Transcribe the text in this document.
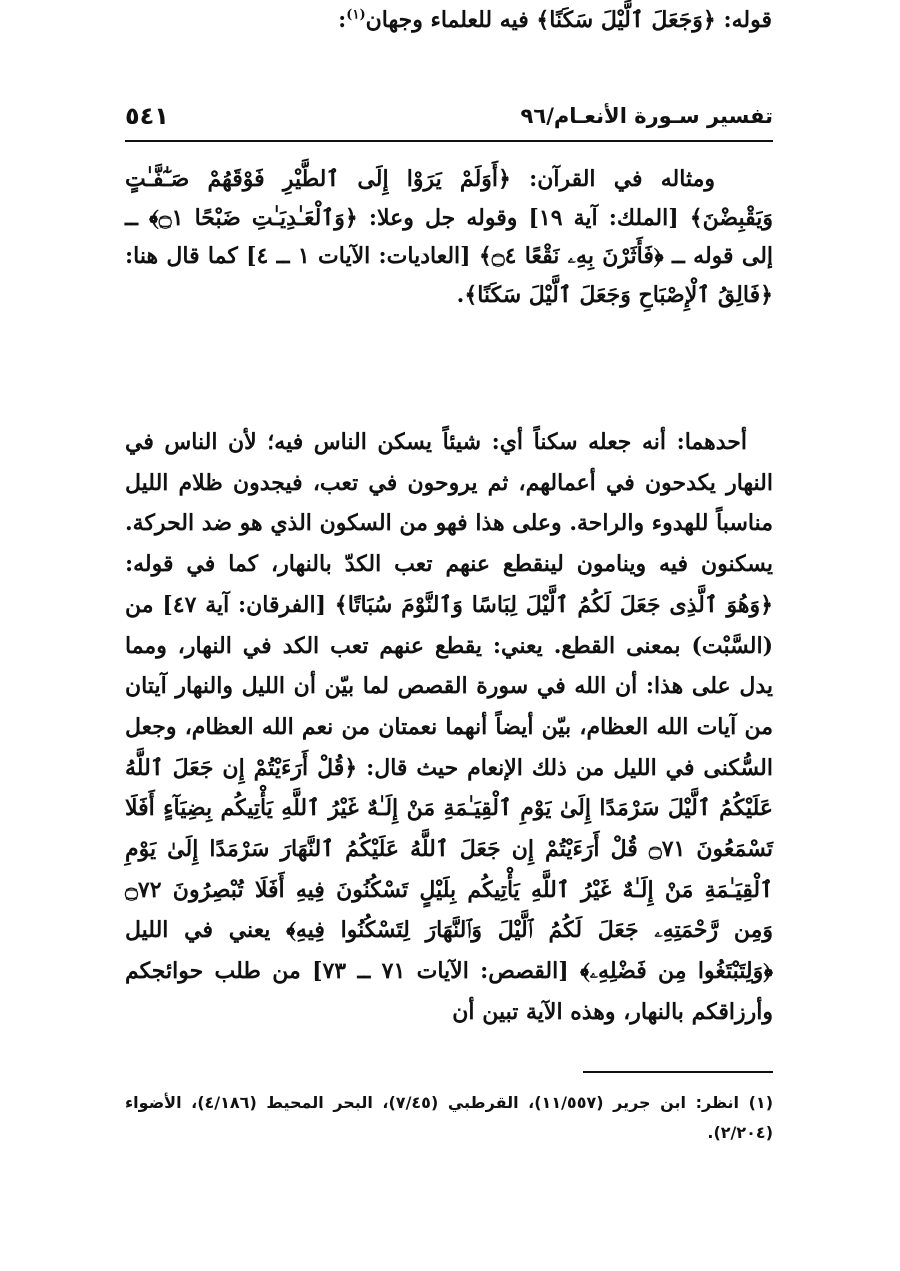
تفسير سـورة الأنعـام/٩٦
٥٤١

ومثاله في القرآن: ﴿أَوَلَمْ يَرَوْا إِلَى ٱلطَّيْرِ فَوْقَهُمْ صَـٰٓفَّـٰتٍ وَيَقْبِضْنَ﴾ [الملك: آية ١٩] وقوله جل وعلا: ﴿وَٱلْعَـٰدِيَـٰتِ ضَبْحًا ۝١﴾ ــ إلى قوله ــ ﴿فَأَثَرْنَ بِهِۦ نَقْعًا ۝٤﴾ [العاديات: الآيات ١ ــ ٤] كما قال هنا: ﴿فَالِقُ ٱلْإِصْبَاحِ وَجَعَلَ ٱلَّيْلَ سَكَنًا﴾.

قوله: ﴿وَجَعَلَ ٱلَّيْلَ سَكَنًا﴾ فيه للعلماء وجهان$^{(١)}$:

أحدهما: أنه جعله سكناً أي: شيئاً يسكن الناس فيه؛ لأن الناس في النهار يكدحون في أعمالهم، ثم يروحون في تعب، فيجدون ظلام الليل مناسباً للهدوء والراحة. وعلى هذا فهو من السكون الذي هو ضد الحركة. يسكنون فيه وينامون لينقطع عنهم تعب الكدّ بالنهار، كما في قوله: ﴿وَهُوَ ٱلَّذِى جَعَلَ لَكُمُ ٱلَّيْلَ لِبَاسًا وَٱلنَّوْمَ سُبَاتًا﴾ [الفرقان: آية ٤٧] من (السَّبْت) بمعنى القطع. يعني: يقطع عنهم تعب الكد في النهار، ومما يدل على هذا: أن الله في سورة القصص لما بيّن أن الليل والنهار آيتان من آيات الله العظام، بيّن أيضاً أنهما نعمتان من نعم الله العظام، وجعل السُّكنى في الليل من ذلك الإنعام حيث قال: ﴿قُلْ أَرَءَيْتُمْ إِن جَعَلَ ٱللَّهُ عَلَيْكُمُ ٱلَّيْلَ سَرْمَدًا إِلَىٰ يَوْمِ ٱلْقِيَـٰمَةِ مَنْ إِلَـٰهٌ غَيْرُ ٱللَّهِ يَأْتِيكُم بِضِيَآءٍ أَفَلَا تَسْمَعُونَ ۝٧١ قُلْ أَرَءَيْتُمْ إِن جَعَلَ ٱللَّهُ عَلَيْكُمُ ٱلنَّهَارَ سَرْمَدًا إِلَىٰ يَوْمِ ٱلْقِيَـٰمَةِ مَنْ إِلَـٰهٌ غَيْرُ ٱللَّهِ يَأْتِيكُم بِلَيْلٍ تَسْكُنُونَ فِيهِ أَفَلَا تُبْصِرُونَ ۝٧٢ وَمِن رَّحْمَتِهِۦ جَعَلَ لَكُمُ ٱلَّيْلَ وَٱلنَّهَارَ لِتَسْكُنُوا فِيهِ﴾ يعني في الليل ﴿وَلِتَبْتَغُوا مِن فَضْلِهِۦ﴾ [القصص: الآيات ٧١ ــ ٧٣] من طلب حوائجكم وأرزاقكم بالنهار، وهذه الآية تبين أن

(١) انظر: ابن جرير (١١/٥٥٧)، القرطبي (٧/٤٥)، البحر المحيط (٤/١٨٦)، الأضواء (٢/٢٠٤).
